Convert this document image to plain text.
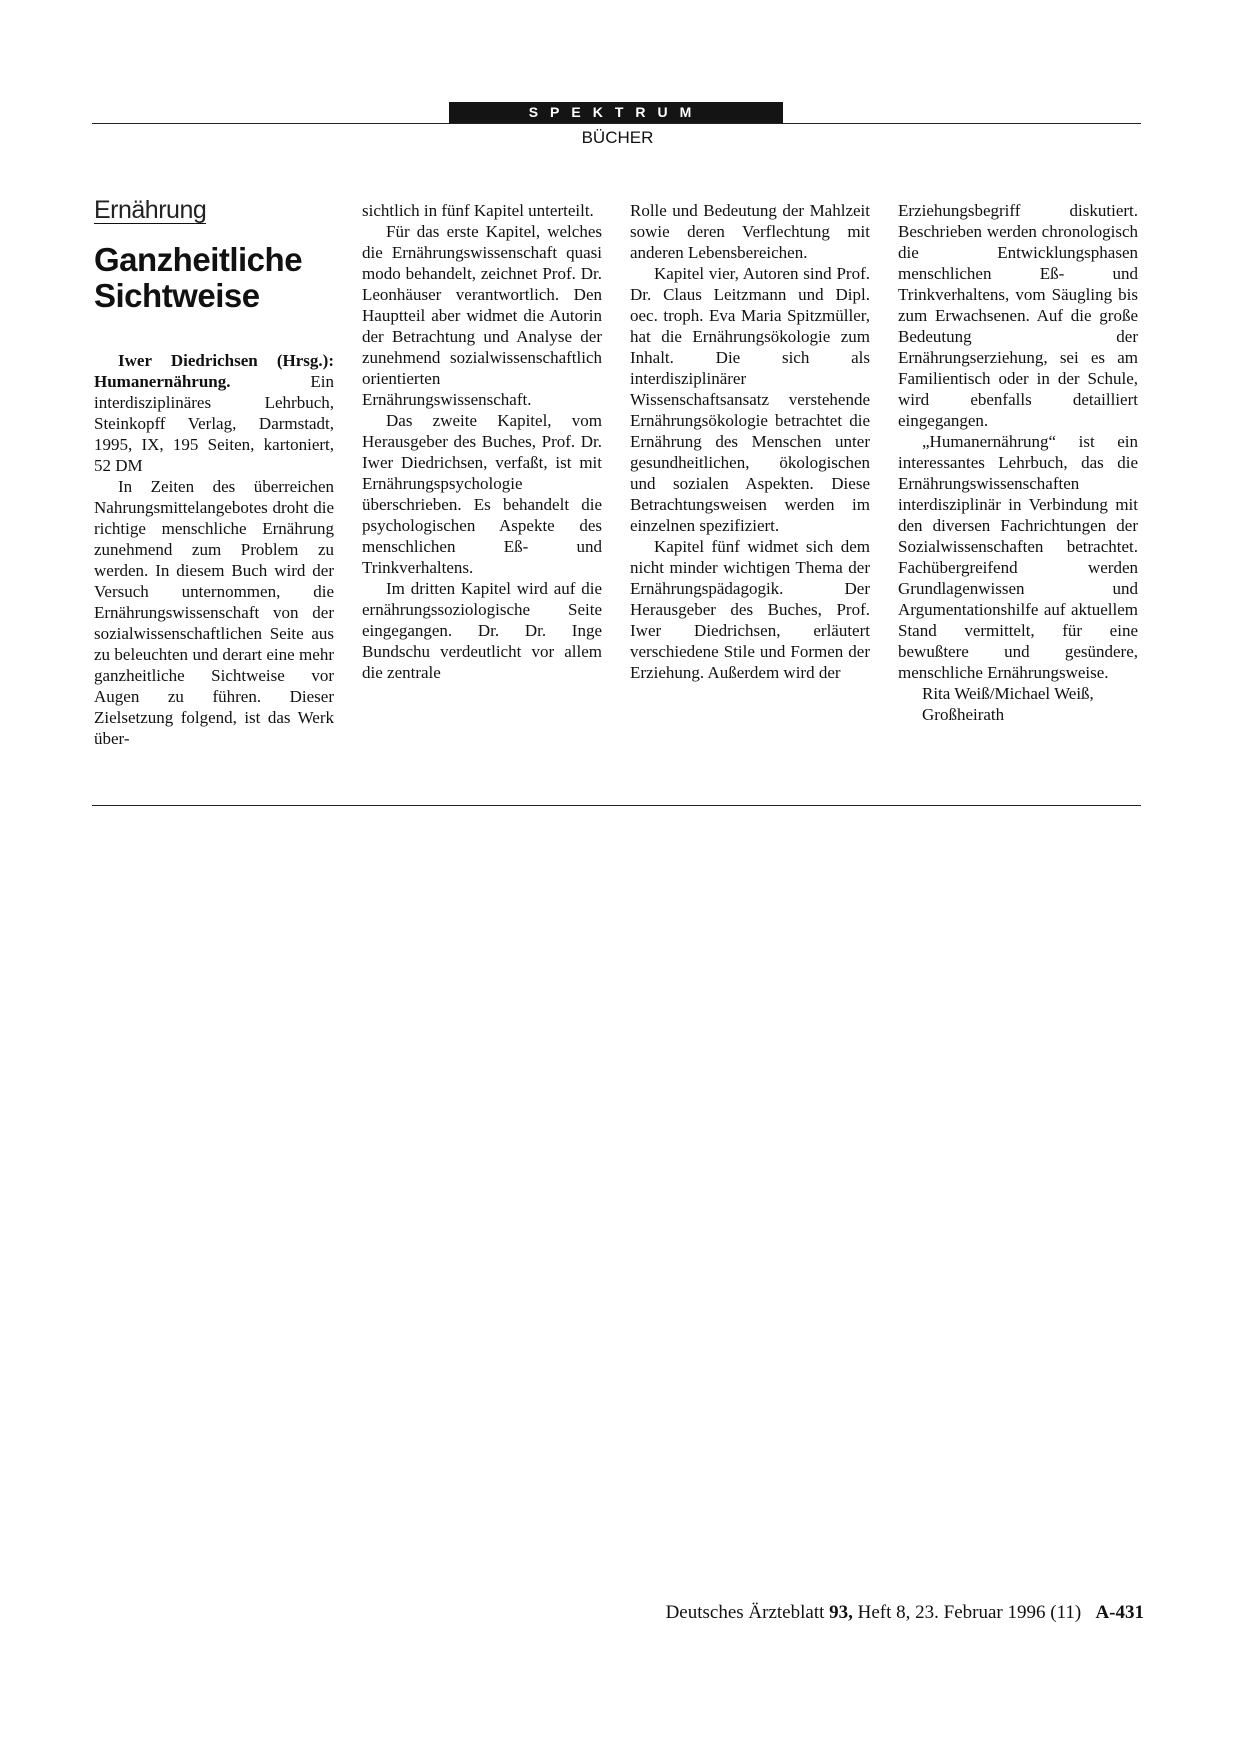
SPEKTRUM
BÜCHER
Ernährung
Ganzheitliche Sichtweise

Iwer Diedrichsen (Hrsg.): Humanernährung.	Ein interdisziplinäres Lehrbuch, Steinkopff Verlag, Darmstadt, 1995, IX, 195 Seiten, kartoniert, 52 DM

In Zeiten des überreichen Nahrungsmittelangebotes droht die richtige menschliche Ernährung zunehmend zum Problem zu werden. In diesem Buch wird der Versuch unternommen, die Ernährungswissenschaft von der sozialwissenschaftlichen Seite aus zu beleuchten und derart eine mehr ganzheitliche Sichtweise vor Augen zu führen. Dieser Zielsetzung folgend, ist das Werk über-

sichtlich in fünf Kapitel unterteilt.

Für das erste Kapitel, welches die Ernährungswissenschaft quasi modo behandelt, zeichnet Prof. Dr. Leonhäuser verantwortlich. Den Hauptteil aber widmet die Autorin der Betrachtung und Analyse der zunehmend sozialwissenschaftlich orientierten Ernährungswissenschaft.

Das zweite Kapitel, vom Herausgeber des Buches, Prof. Dr. Iwer Diedrichsen, verfaßt, ist mit Ernährungspsychologie überschrieben. Es behandelt die psychologischen Aspekte des menschlichen Eß- und Trinkverhaltens.

Im dritten Kapitel wird auf die ernährungssoziologische Seite eingegangen. Dr. Dr. Inge Bundschu verdeutlicht vor allem die zentrale

Rolle und Bedeutung der Mahlzeit sowie deren Verflechtung mit anderen Lebensbereichen.

Kapitel vier, Autoren sind Prof. Dr. Claus Leitzmann und Dipl. oec. troph. Eva Maria Spitzmüller, hat die Ernährungsökologie zum Inhalt. Die sich als interdisziplinärer Wissenschaftsansatz verstehende Ernährungsökologie betrachtet die Ernährung des Menschen unter gesundheitlichen, ökologischen und sozialen Aspekten. Diese Betrachtungsweisen werden im einzelnen spezifiziert.

Kapitel fünf widmet sich dem nicht minder wichtigen Thema der Ernährungspädagogik. Der Herausgeber des Buches, Prof. Iwer Diedrichsen, erläutert verschiedene Stile und Formen der Erziehung. Außerdem wird der

Erziehungsbegriff diskutiert. Beschrieben werden chronologisch die Entwicklungsphasen menschlichen Eß- und Trinkverhaltens, vom Säugling bis zum Erwachsenen. Auf die große Bedeutung der Ernährungserziehung, sei es am Familientisch oder in der Schule, wird ebenfalls detailliert eingegangen.

„Humanernährung“ ist ein interessantes Lehrbuch, das die Ernährungswissenschaften interdisziplinär in Verbindung mit den diversen Fachrichtungen der Sozialwissenschaften betrachtet. Fachübergreifend werden Grundlagenwissen und Argumentationshilfe auf aktuellem Stand vermittelt, für eine bewußtere und gesündere, menschliche Ernährungsweise.

Rita Weiß/Michael Weiß,
Großheirath

Deutsches Ärzteblatt 93, Heft 8, 23. Februar 1996 (11) A-431
